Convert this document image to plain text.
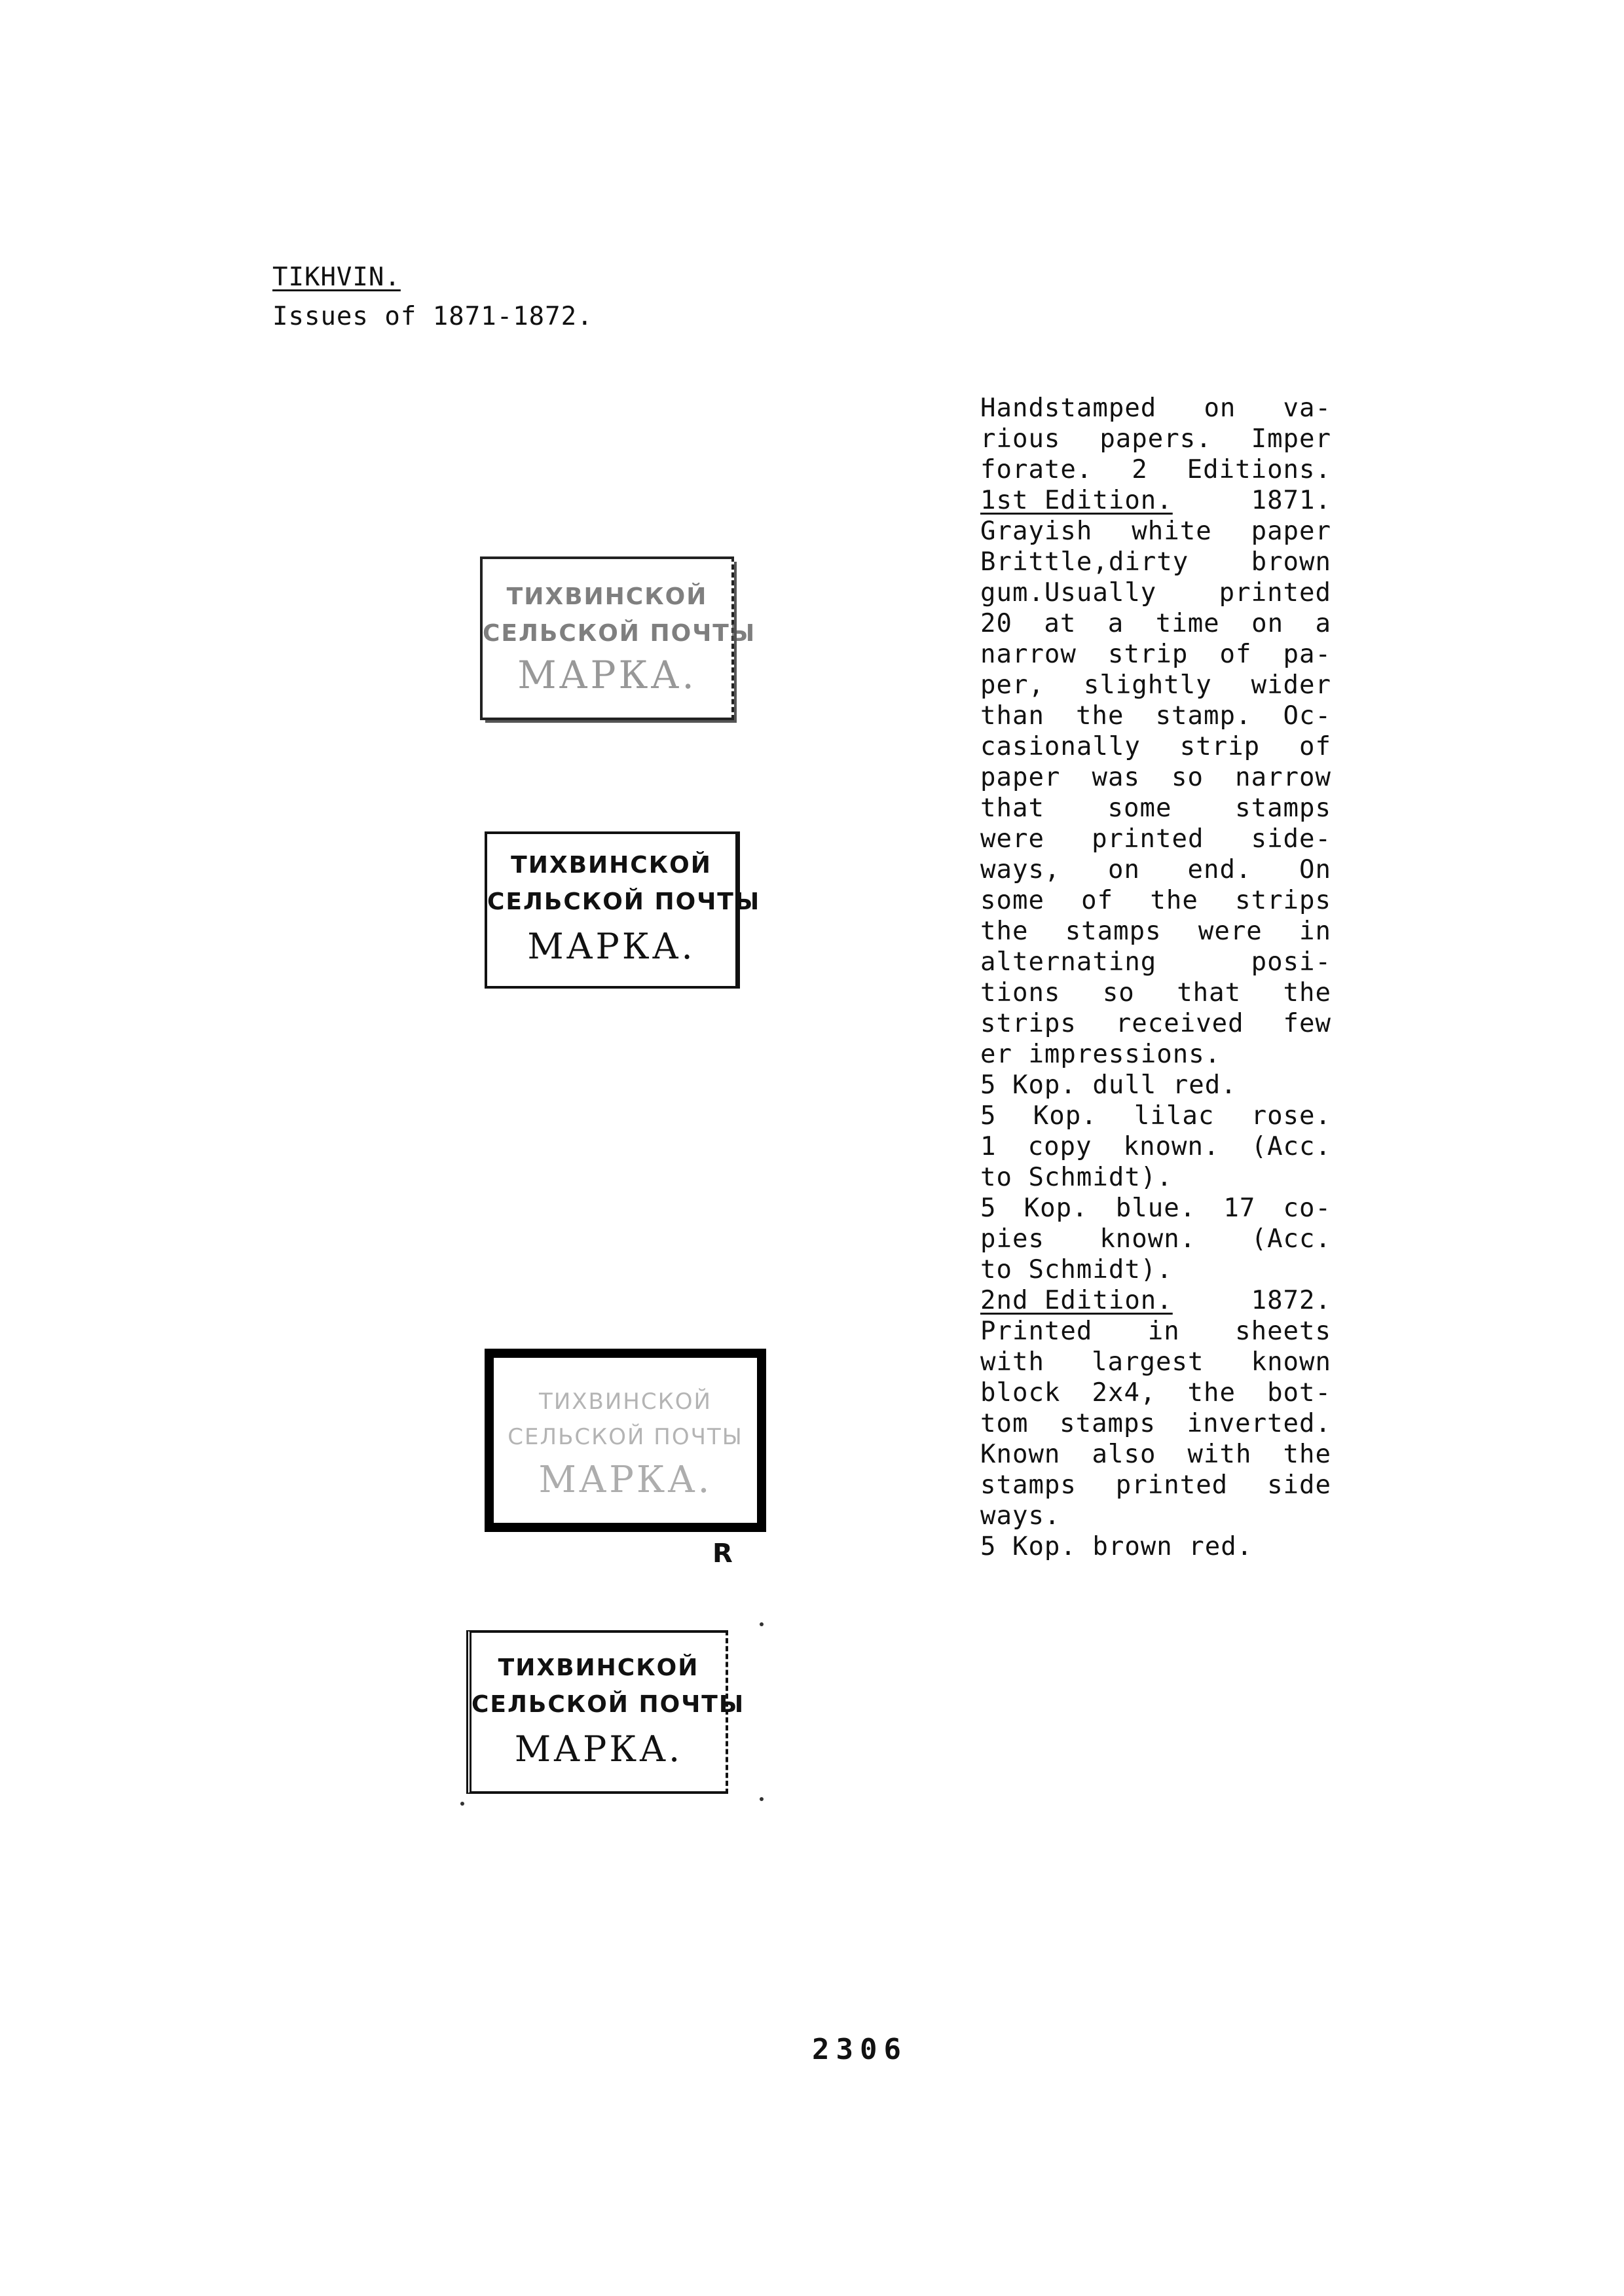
TIKHVIN.
Issues of 1871-1872.
ТИХВИНСКОЙ
СЕЛЬСКОЙ ПОЧТЫ
МАРКА.
ТИХВИНСКОЙ
СЕЛЬСКОЙ ПОЧТЫ
МАРКА.
ТИХВИНСКОЙ
СЕЛЬСКОЙ ПОЧТЫ
МАРКА.
R
ТИХВИНСКОЙ
СЕЛЬСКОЙ ПОЧТЫ
МАРКА.
Handstamped on va-
rious papers. Imper
forate. 2 Editions.
1st Edition.	1871.
Grayish white paper
Brittle,dirty brown
gum.Usually printed
20 at a time on a
narrow strip of pa-
per, slightly wider
than the stamp. Oc-
casionally strip of
paper was so narrow
that some stamps
were printed side-
ways, on end. On
some of the strips
the stamps were in
alternating posi-
tions so that the
strips received few
er impressions.
5 Kop. dull red.
5 Kop. lilac rose.
1 copy known. (Acc.
to Schmidt).
5 Kop. blue. 17 co-
pies known. (Acc.
to Schmidt).
2nd Edition.	1872.
Printed in sheets
with largest known
block 2x4, the bot-
tom stamps inverted.
Known also with the
stamps printed side
ways.
5 Kop. brown red.
2306
